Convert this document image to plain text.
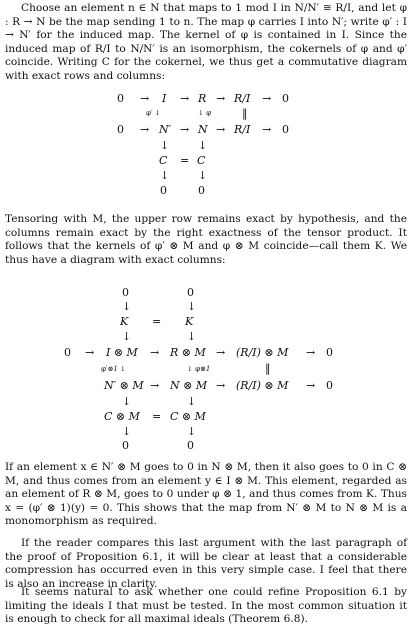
Choose an element n ∈ N that maps to 1 mod I in N/N′ ≅ R/I, and let φ : R → N be the map sending 1 to n. The map φ carries I into N′; write φ′ : I → N′ for the induced map. The kernel of φ is contained in I. Since the induced map of R/I to N/N′ is an isomorphism, the cokernels of φ and φ′ coincide. Writing C for the cokernel, we thus get a commutative diagram with exact rows and columns:

0 → I → R → R/I → 0
φ′ ↓	↓ φ	‖
0 → N′ → N → R/I → 0
↓	↓
C = C
↓	↓
0	0

Tensoring with M, the upper row remains exact by hypothesis, and the columns remain exact by the right exactness of the tensor product. It follows that the kernels of φ′ ⊗ M and φ ⊗ M coincide—call them K. We thus have a diagram with exact columns:

0	0
↓	↓
K = K
↓	↓
0 → I ⊗ M → R ⊗ M → (R/I) ⊗ M → 0
φ′⊗1 ↓	↓ φ⊗1	‖
N′ ⊗ M → N ⊗ M → (R/I) ⊗ M → 0
↓	↓
C ⊗ M = C ⊗ M
↓	↓
0	0

If an element x ∈ N′ ⊗ M goes to 0 in N ⊗ M, then it also goes to 0 in C ⊗ M, and thus comes from an element y ∈ I ⊗ M. This element, regarded as an element of R ⊗ M, goes to 0 under φ ⊗ 1, and thus comes from K. Thus x = (φ′ ⊗ 1)(y) = 0. This shows that the map from N′ ⊗ M to N ⊗ M is a monomorphism as required.

If the reader compares this last argument with the last paragraph of the proof of Proposition 6.1, it will be clear at least that a considerable compression has occurred even in this very simple case. I feel that there is also an increase in clarity.

It seems natural to ask whether one could refine Proposition 6.1 by limiting the ideals I that must be tested. In the most common situation it is enough to check for all maximal ideals (Theorem 6.8).
